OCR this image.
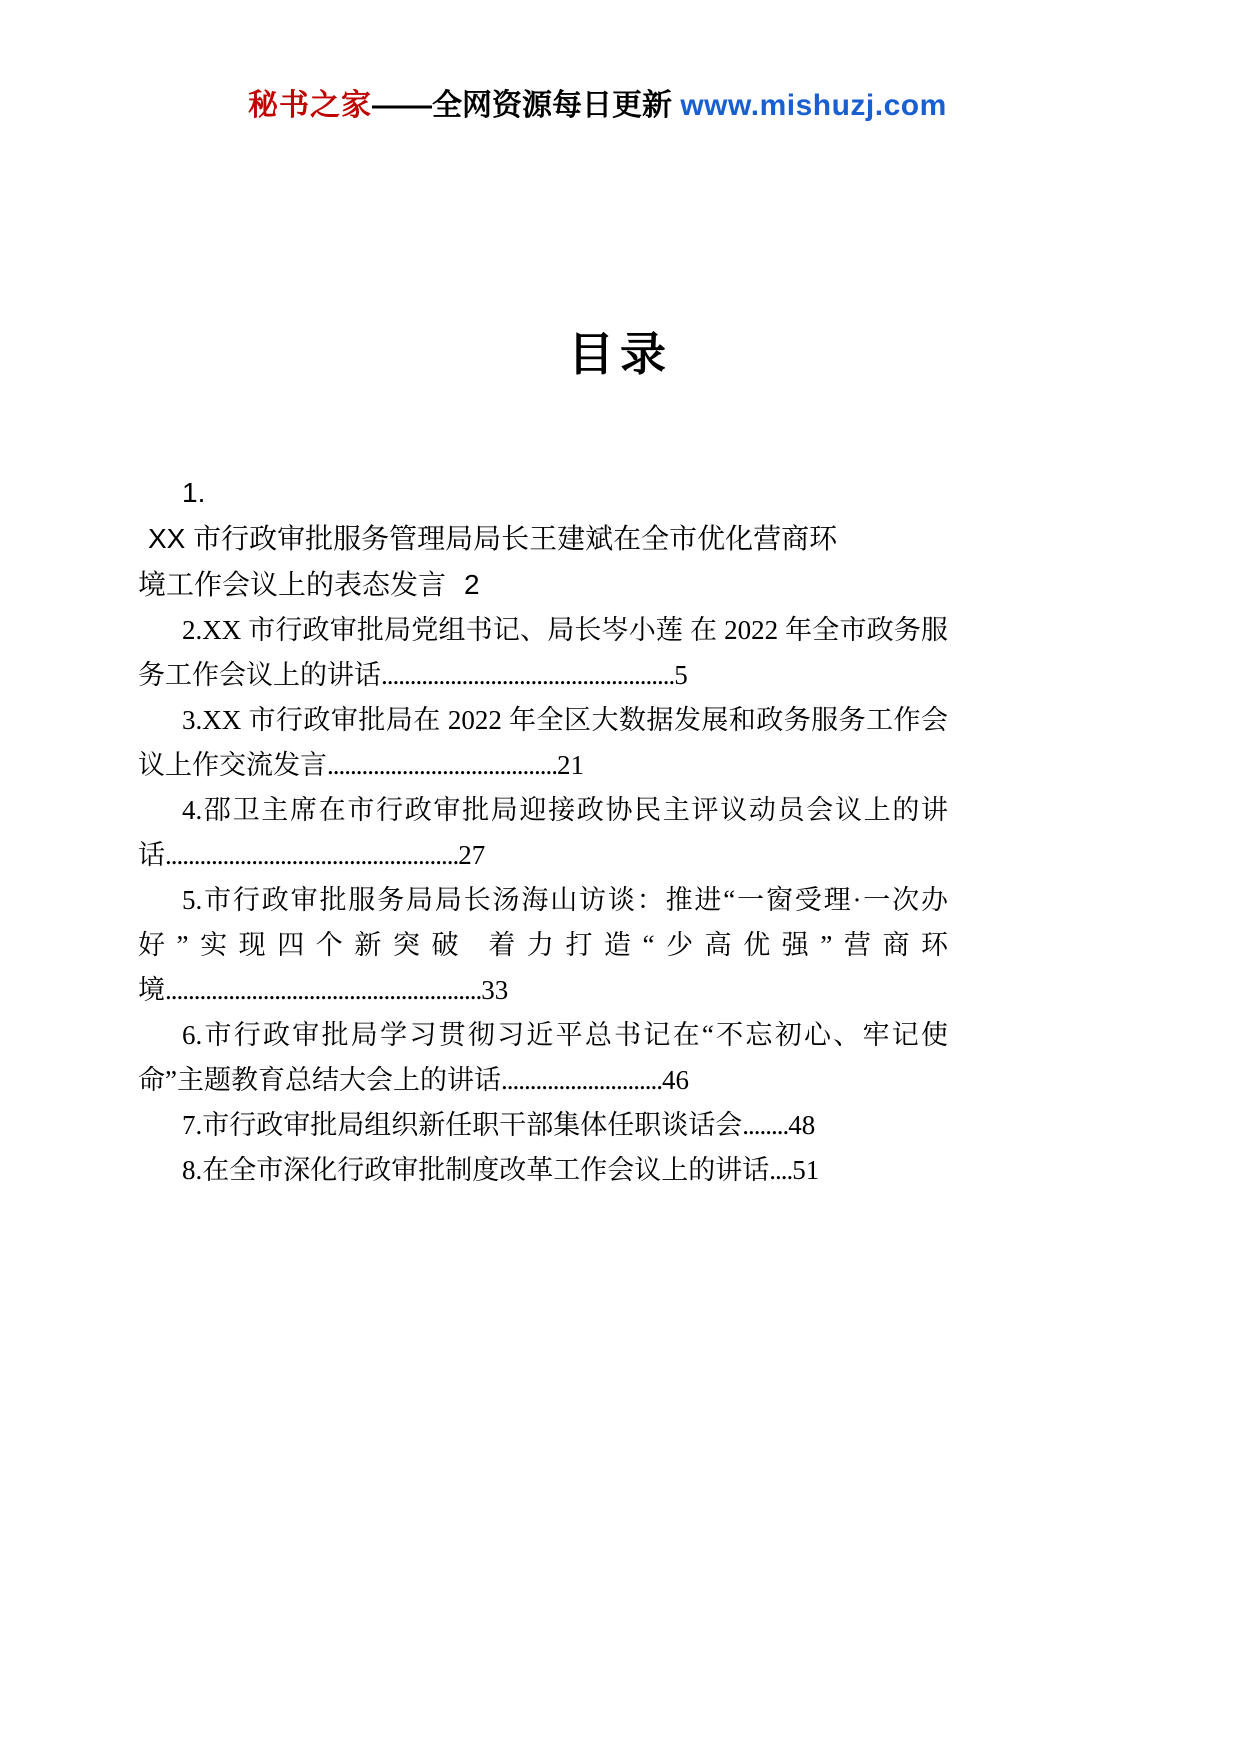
秘书之家——全网资源每日更新 www.mishuzj.com
目录
1.
XX 市行政审批服务管理局局长王建斌在全市优化营商环
境工作会议上的表态发言 2
2.XX 市行政审批局党组书记、局长岑小莲 在 2022 年全市政务服务工作会议上的讲话...................................................5
3.XX 市行政审批局在 2022 年全区大数据发展和政务服务工作会议上作交流发言........................................21
4.邵卫主席在市行政审批局迎接政协民主评议动员会议上的讲话...................................................27
5.市行政审批服务局局长汤海山访谈：推进“一窗受理·一次办好”实现四个新突破 着力打造“少高优强”营商环境.......................................................33
6.市行政审批局学习贯彻习近平总书记在“不忘初心、牢记使命”主题教育总结大会上的讲话............................46
7.市行政审批局组织新任职干部集体任职谈话会........48
8.在全市深化行政审批制度改革工作会议上的讲话....51
